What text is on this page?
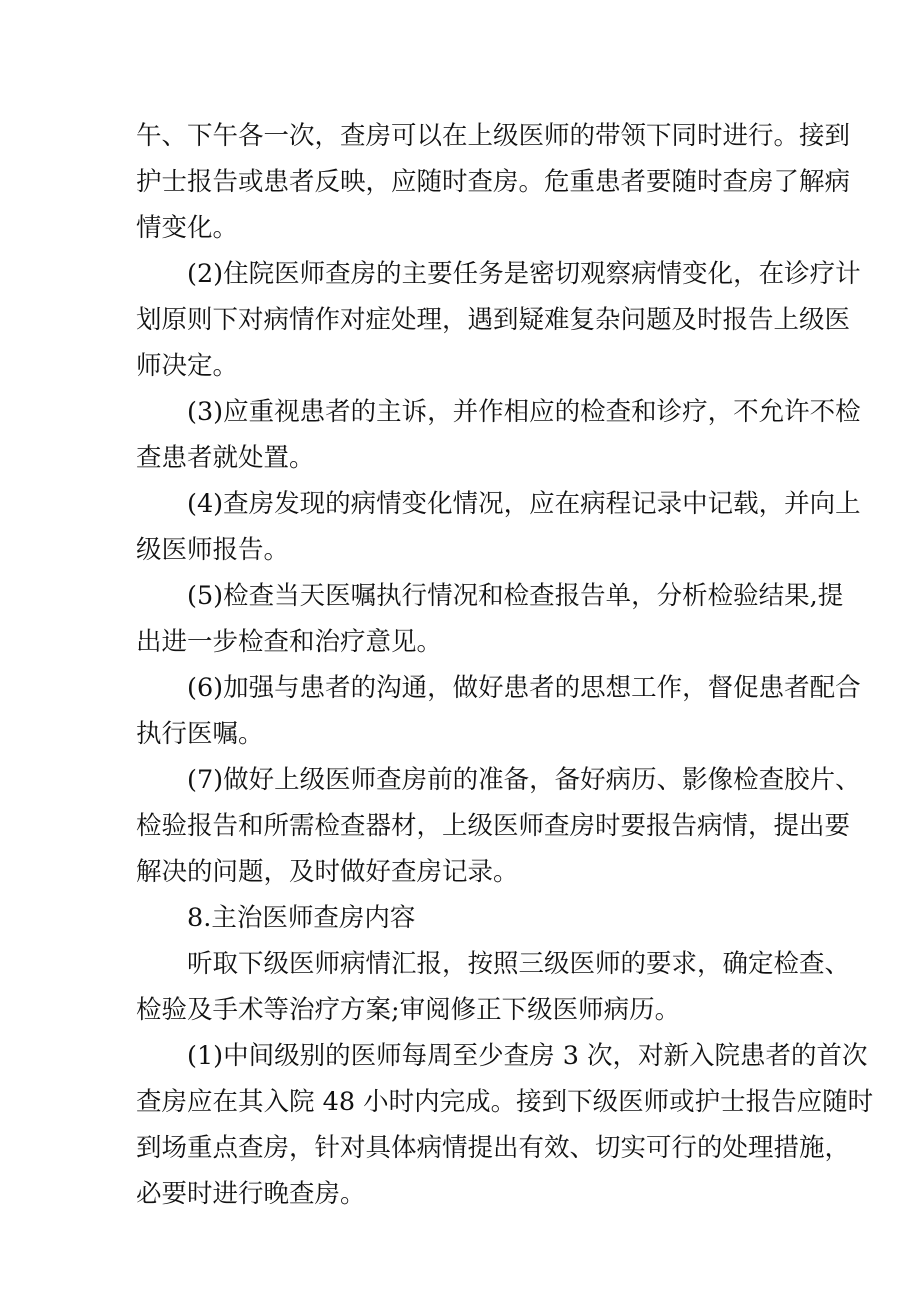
午、下午各一次，查房可以在上级医师的带领下同时进行。接到
护士报告或患者反映，应随时查房。危重患者要随时查房了解病
情变化。
(2)住院医师查房的主要任务是密切观察病情变化，在诊疗计
划原则下对病情作对症处理，遇到疑难复杂问题及时报告上级医
师决定。
(3)应重视患者的主诉，并作相应的检查和诊疗，不允许不检
查患者就处置。
(4)查房发现的病情变化情况，应在病程记录中记载，并向上
级医师报告。
(5)检查当天医嘱执行情况和检查报告单，分析检验结果,提
出进一步检查和治疗意见。
(6)加强与患者的沟通，做好患者的思想工作，督促患者配合
执行医嘱。
(7)做好上级医师查房前的准备，备好病历、影像检查胶片、
检验报告和所需检查器材，上级医师查房时要报告病情，提出要
解决的问题，及时做好查房记录。
8.主治医师查房内容
听取下级医师病情汇报，按照三级医师的要求，确定检查、
检验及手术等治疗方案;审阅修正下级医师病历。
(1)中间级别的医师每周至少查房 3 次，对新入院患者的首次
查房应在其入院 48 小时内完成。接到下级医师或护士报告应随时
到场重点查房，针对具体病情提出有效、切实可行的处理措施，
必要时进行晚查房。
